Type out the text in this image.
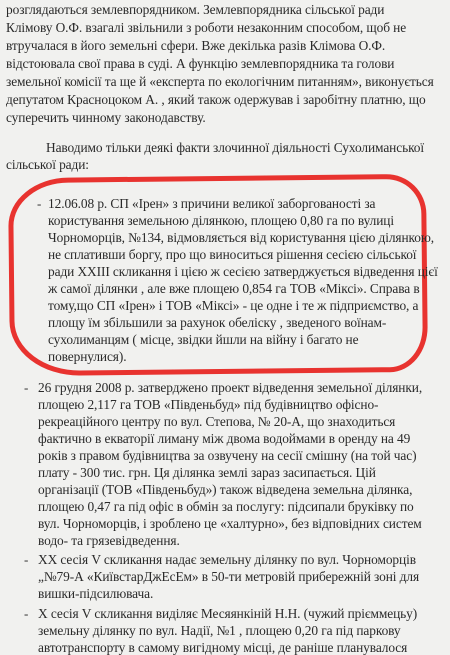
розглядаються землевпорядником. Землевпорядника сільської ради
Клімову О.Ф. взагалі звільнили з роботи незаконним способом, щоб не
втручалася в його земельні сфери. Вже декілька разів Клімова О.Ф.
відстоювала свої права в суді. А функцію землевпорядника та голови
земельної комісії та ще й «експерта по екологічним питанням», виконується
депутатом Красноцоком А. , який також одержував і заробітну платню, що
суперечить чинному законодавству.
Наводимо тільки деякі факти злочинної діяльності Сухолиманської
сільської ради:
- 12.06.08 р. СП «Ірен» з причини великої заборгованості за
користування земельною ділянкою, площею 0,80 га по вулиці
Чорноморців, №134, відмовляється від користування цією ділянкою,
не сплативши боргу, про що виноситься рішення сесією сільської
ради XXIII скликання і цією ж сесією затверджується відведення цієї
ж самої ділянки , але вже площею 0,854 га ТОВ «Міксі». Справа в
тому,що СП «Ірен» і ТОВ «Міксі» - це одне і те ж підприємство, а
площу їм збільшили за рахунок обеліску , зведеного воїнам-
сухолиманцям ( місце, звідки йшли на війну і багато не
повернулися).
- 26 грудня 2008 р. затверджено проект відведення земельної ділянки,
площею 2,117 га ТОВ «Південьбуд» під будівництво офісно-
рекреаційного центру по вул. Степова, № 20-А, що знаходиться
фактично в екваторії лиману між двома водоймами в оренду на 49
років з правом будівництва за озвучену на сесії смішну (на той час)
плату - 300 тис. грн. Ця ділянка землі зараз засипається. Цій
організації (ТОВ «Південьбуд») також відведена земельна ділянка,
площею 0,47 га під офіс в обмін за послугу: підсипали бруківку по
вул. Чорноморців, і зроблено це «халтурно», без відповідних систем
водо- та грязевідведення.
- XX сесія V скликання надає земельну ділянку по вул. Чорноморців
„№79-А «КиївстарДжЕсЕм» в 50-ти метровій прибережній зоні для
вишки-підсилювача.
- X сесія V скликання виділяє Месяянкіній Н.Н. (чужий прієммецьy)
земельну ділянку по вул. Надії, №1 , площею 0,20 га під паркову
автотранспорту в самому вигідному місці, де раніше планувалося
